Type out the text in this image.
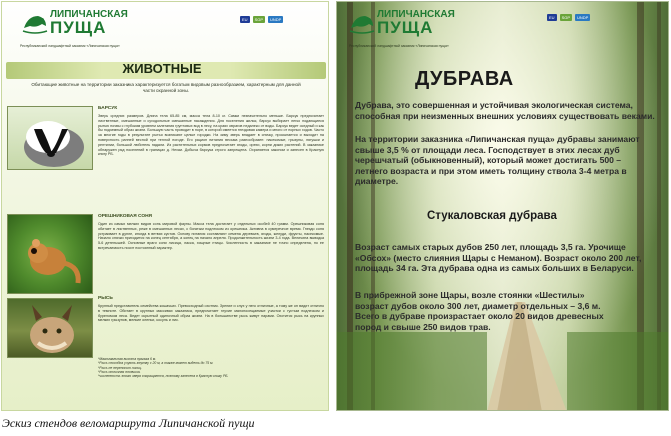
ЛИПИЧАНСКАЯ
ПУЩА
Республиканский ландшафтный заказник «Липичанская пуща»
EU	SGP	UNDP
ЖИВОТНЫЕ
Обитающие животные на территории заказника характеризуется богатым видовым разнообразием, характерным для данной части охранной зоны.
БАРСУК
Зверь средних размеров. Длина тела 65-85 см, масса тела 8-10 кг. Самки незначительно меньше. Барсук предпочитает лиственные, смешанные и суходольные смешанные насаждения. Для поселения жилья, барсук выбирает легко подающиеся рытью почвы с глубоким уровнем залегания грунтовых вод в лесу, на краях оврагов недалеко от воды. Барсук ведет оседлый и как бы подземный образ жизни. Большую часть проводит в норе, в которой имеется гнездовая камера и много от норных ходов. Часто за многие годы в результате рытья возникают целые городки. На зиму зверь впадает в спячку, просыпается и выходит на поверхность ранней весной при теплой погоде. Его рацион питания весьма разнообразен: насекомые, грызуны, лягушки и рептилии, большой любитель падали. Из растительных кормов предпочитает ягоды, орехи, корни диких растений. В заказнике обнаружен ряд поселений в границах д. Нехаи. Добыча барсука строго запрещена. Охраняется законом и занесен в Красную книгу РБ.
ОРЕШНИКОВАЯ СОНЯ
Один из самых мелких видов сонь мировой фауны. Масса тела достигает у отдельных особей 40 грамм. Орешниковая соня обитает в лиственных, реже в смешанных лесах, с богатым подлеском из орешника. Активна в сумеречное время. Гнездо соня устраивает в дупле, иногда в ветвях кустов. Основу питания составляют семена деревьев, ягоды, желуди, фрукты, насекомые. Начало спячки приходится на конец сентября, а конец на начало апреля. Продолжительность жизни 3-4 года. Величина выводка 5-6 детенышей. Основные враги сони лисица, ласка, хищные птицы. Численность в заказнике не точно определена, но ее встречаемость носит постоянный характер.
РЫСЬ
Крупный представитель семейства кошачьих. Превосходный охотник. Зрение и слух у него отличные, а тому же он видит отлично в темноте. Обитает в крупных массивах заказника, предпочитает глухие малопосещаемые участки с густым подлеском и буреломом леса. Ведет скрытный одиночный образ жизни. На в большинстве рысь живут парами. Охотится рысь на крупных мелких грызунов, мелкие оленьи, косуль и лис.
*Максимальная высота прыжка 6 м.
*Рысь способна учуять жертву с 20 м, а также может видеть до 75 м.
*Рысь не переносит лисиц.
*Рысь отличная пловчиха.
*численность этого зверя сокращается, поэтому занесена в Красную книгу РБ.
ЛИПИЧАНСКАЯ
ПУЩА
Республиканский ландшафтный заказник «Липичанская пуща»
EU	SGP	UNDP
ДУБРАВА
Дубрава, это совершенная и устойчивая экологическая система, способная при неизменных внешних условиях существовать веками.
На территории заказника «Липичанская пуща» дубравы занимают свыше 3,5 % от площади леса. Господствует в этих лесах дуб черешчатый (обыкновенный), который может достигать 500 – летнего возраста и при этом иметь толщину ствола 3-4 метра в диаметре.
Стукаловская дубрава
Возраст самых старых дубов 250 лет, площадь 3,5 га. Урочище «Обсох» (место слияния Щары с Неманом). Возраст около 200 лет, площадь 34 га. Эта дубрава одна из самых больших в Беларуси.
В прибрежной зоне Щары, возле стоянки «Шестилы» возраст дубов около 300 лет, диаметр отдельных – 3,6 м. Всего в дубраве произрастает около 20 видов древесных пород и свыше 250 видов трав.
Эскиз стендов веломаршрута Липичанской пущи
